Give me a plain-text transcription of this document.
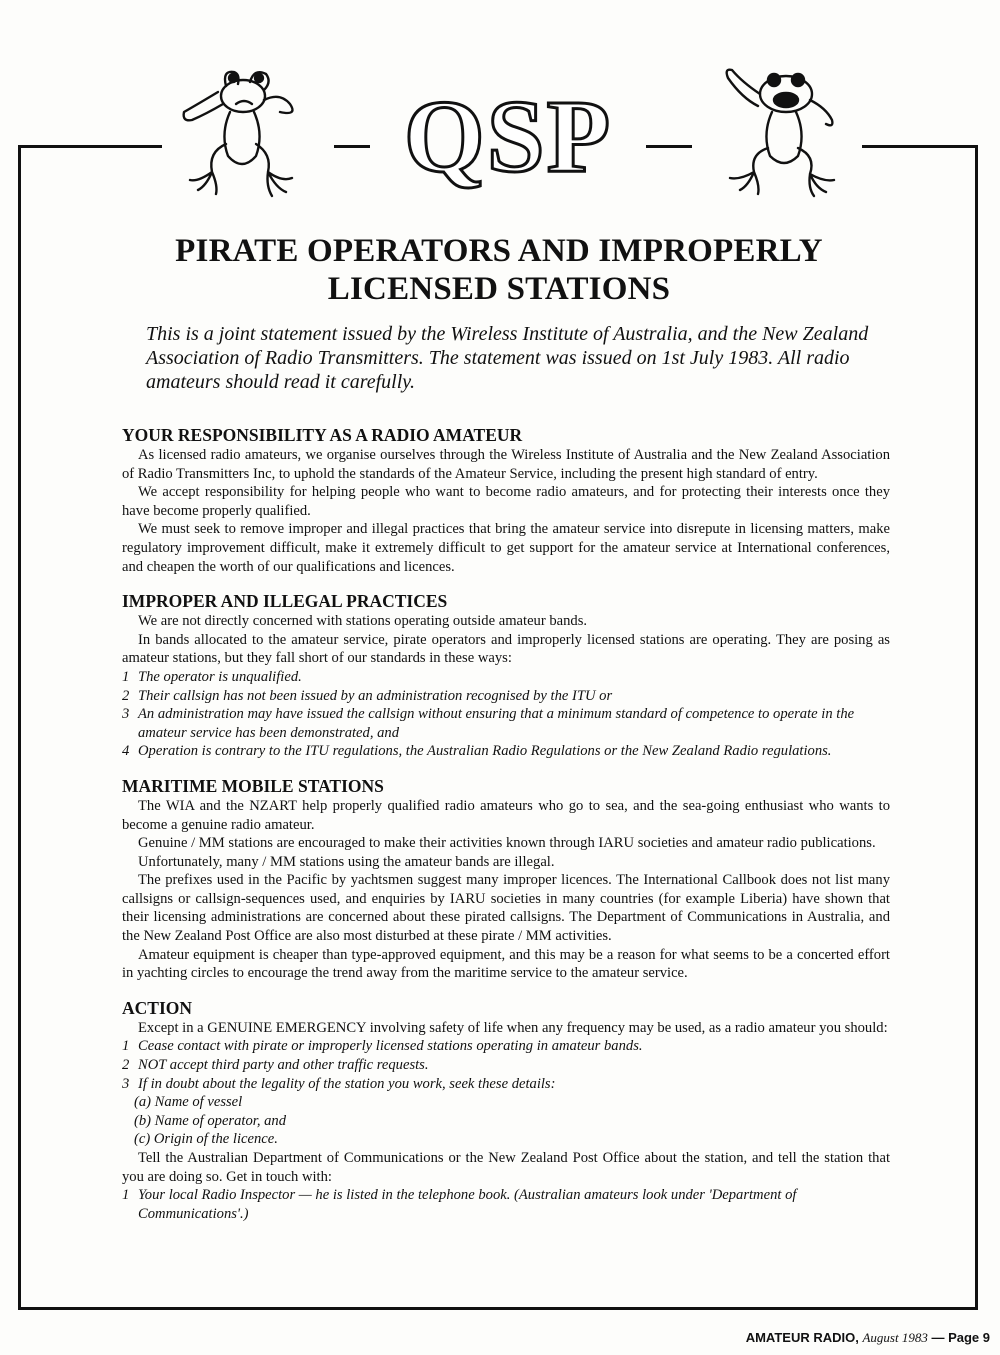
QSP
PIRATE OPERATORS AND IMPROPERLY
LICENSED STATIONS
This is a joint statement issued by the Wireless Institute of Australia, and the New Zealand Association of Radio Transmitters. The statement was issued on 1st July 1983. All radio amateurs should read it carefully.
YOUR RESPONSIBILITY AS A RADIO AMATEUR

As licensed radio amateurs, we organise ourselves through the Wireless Institute of Australia and the New Zealand Association of Radio Transmitters Inc, to uphold the standards of the Amateur Service, including the present high standard of entry.

We accept responsibility for helping people who want to become radio amateurs, and for protecting their interests once they have become properly qualified.

We must seek to remove improper and illegal practices that bring the amateur service into disrepute in licensing matters, make regulatory improvement difficult, make it extremely difficult to get support for the amateur service at International conferences, and cheapen the worth of our qualifications and licences.

IMPROPER AND ILLEGAL PRACTICES

We are not directly concerned with stations operating outside amateur bands.

In bands allocated to the amateur service, pirate operators and improperly licensed stations are operating. They are posing as amateur stations, but they fall short of our standards in these ways:

1 The operator is unqualified.

2 Their callsign has not been issued by an administration recognised by the ITU or

3 An administration may have issued the callsign without ensuring that a minimum standard of competence to operate in the amateur service has been demonstrated, and

4 Operation is contrary to the ITU regulations, the Australian Radio Regulations or the New Zealand Radio regulations.

MARITIME MOBILE STATIONS

The WIA and the NZART help properly qualified radio amateurs who go to sea, and the sea-going enthusiast who wants to become a genuine radio amateur.

Genuine / MM stations are encouraged to make their activities known through IARU societies and amateur radio publications.

Unfortunately, many / MM stations using the amateur bands are illegal.

The prefixes used in the Pacific by yachtsmen suggest many improper licences. The International Callbook does not list many callsigns or callsign-sequences used, and enquiries by IARU societies in many countries (for example Liberia) have shown that their licensing administrations are concerned about these pirated callsigns. The Department of Communications in Australia, and the New Zealand Post Office are also most disturbed at these pirate / MM activities.

Amateur equipment is cheaper than type-approved equipment, and this may be a reason for what seems to be a concerted effort in yachting circles to encourage the trend away from the maritime service to the amateur service.

ACTION

Except in a GENUINE EMERGENCY involving safety of life when any frequency may be used, as a radio amateur you should:

1 Cease contact with pirate or improperly licensed stations operating in amateur bands.

2 NOT accept third party and other traffic requests.

3 If in doubt about the legality of the station you work, seek these details:

(a) Name of vessel

(b) Name of operator, and

(c) Origin of the licence.

Tell the Australian Department of Communications or the New Zealand Post Office about the station, and tell the station that you are doing so. Get in touch with:

1 Your local Radio Inspector — he is listed in the telephone book. (Australian amateurs look under 'Department of Communications'.)

AMATEUR RADIO, August 1983 — Page 9
